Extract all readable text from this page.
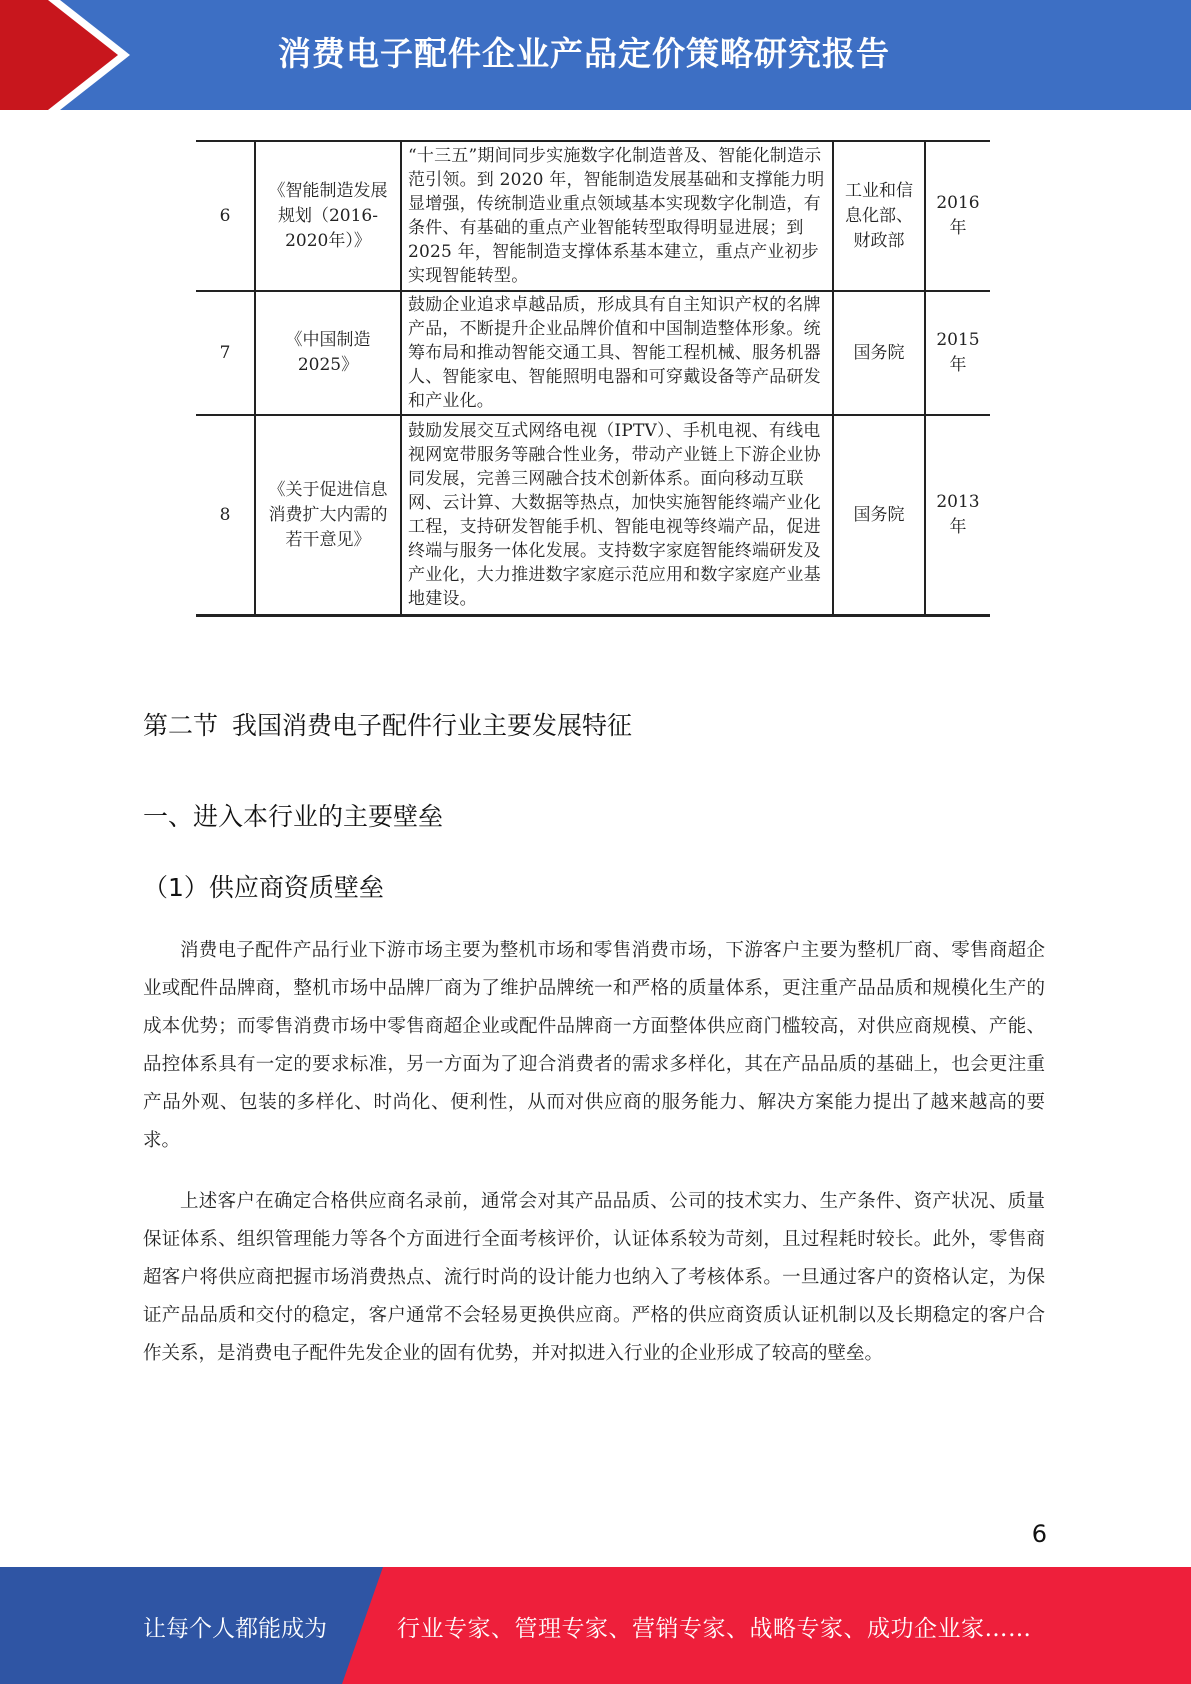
消费电子配件企业产品定价策略研究报告
6	《智能制造发展规划（2016-2020年）》	“十三五”期间同步实施数字化制造普及、智能化制造示范引领。到 2020 年，智能制造发展基础和支撑能力明显增强，传统制造业重点领域基本实现数字化制造，有条件、有基础的重点产业智能转型取得明显进展；到 2025 年，智能制造支撑体系基本建立，重点产业初步实现智能转型。	工业和信息化部、财政部	2016年
7	《中国制造2025》	鼓励企业追求卓越品质，形成具有自主知识产权的名牌产品，不断提升企业品牌价值和中国制造整体形象。统筹布局和推动智能交通工具、智能工程机械、服务机器人、智能家电、智能照明电器和可穿戴设备等产品研发和产业化。	国务院	2015年
8	《关于促进信息消费扩大内需的若干意见》	鼓励发展交互式网络电视（IPTV）、手机电视、有线电视网宽带服务等融合性业务，带动产业链上下游企业协同发展，完善三网融合技术创新体系。面向移动互联网、云计算、大数据等热点，加快实施智能终端产业化工程，支持研发智能手机、智能电视等终端产品，促进终端与服务一体化发展。支持数字家庭智能终端研发及产业化，大力推进数字家庭示范应用和数字家庭产业基地建设。	国务院	2013年
第二节 我国消费电子配件行业主要发展特征
一、进入本行业的主要壁垒
（1）供应商资质壁垒

消费电子配件产品行业下游市场主要为整机市场和零售消费市场，下游客户主要为整机厂商、零售商超企业或配件品牌商，整机市场中品牌厂商为了维护品牌统一和严格的质量体系，更注重产品品质和规模化生产的成本优势；而零售消费市场中零售商超企业或配件品牌商一方面整体供应商门槛较高，对供应商规模、产能、品控体系具有一定的要求标准，另一方面为了迎合消费者的需求多样化，其在产品品质的基础上，也会更注重产品外观、包装的多样化、时尚化、便利性，从而对供应商的服务能力、解决方案能力提出了越来越高的要求。

上述客户在确定合格供应商名录前，通常会对其产品品质、公司的技术实力、生产条件、资产状况、质量保证体系、组织管理能力等各个方面进行全面考核评价，认证体系较为苛刻，且过程耗时较长。此外，零售商超客户将供应商把握市场消费热点、流行时尚的设计能力也纳入了考核体系。一旦通过客户的资格认定，为保证产品品质和交付的稳定，客户通常不会轻易更换供应商。严格的供应商资质认证机制以及长期稳定的客户合作关系，是消费电子配件先发企业的固有优势，并对拟进入行业的企业形成了较高的壁垒。

6
让每个人都能成为	行业专家、管理专家、营销专家、战略专家、成功企业家……
